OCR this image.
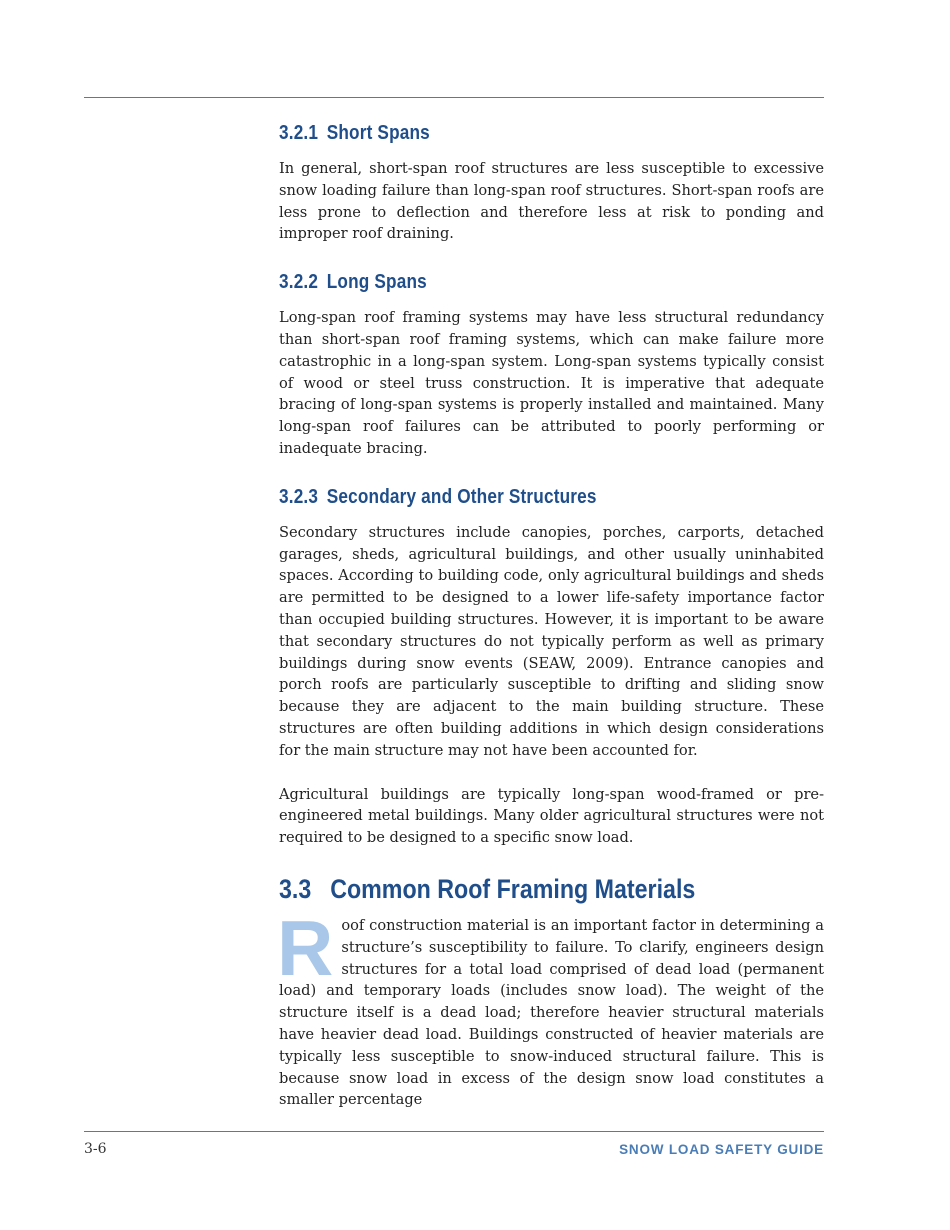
3.2.1 Short Spans

In general, short-span roof structures are less susceptible to excessive snow loading failure than long-span roof structures. Short-span roofs are less prone to deflection and therefore less at risk to ponding and improper roof draining.

3.2.2 Long Spans

Long-span roof framing systems may have less structural redundancy than short-span roof framing systems, which can make failure more catastrophic in a long-span system. Long-span systems typically consist of wood or steel truss construction. It is imperative that adequate bracing of long-span systems is properly installed and maintained. Many long-span roof failures can be attributed to poorly performing or inadequate bracing.

3.2.3 Secondary and Other Structures

Secondary structures include canopies, porches, carports, detached garages, sheds, agricultural buildings, and other usually uninhabited spaces. According to building code, only agricultural buildings and sheds are permitted to be designed to a lower life-safety importance factor than occupied building structures. However, it is important to be aware that secondary structures do not typically perform as well as primary buildings during snow events (SEAW, 2009). Entrance canopies and porch roofs are particularly susceptible to drifting and sliding snow because they are adjacent to the main building structure. These structures are often building additions in which design considerations for the main structure may not have been accounted for.

Agricultural buildings are typically long-span wood-framed or pre-engineered metal buildings. Many older agricultural structures were not required to be designed to a specific snow load.

3.3 Common Roof Framing Materials

Roof construction material is an important factor in determining a structure’s susceptibility to failure. To clarify, engineers design structures for a total load comprised of dead load (permanent load) and temporary loads (includes snow load). The weight of the structure itself is a dead load; therefore heavier structural materials have heavier dead load. Buildings constructed of heavier materials are typically less susceptible to snow-induced structural failure. This is because snow load in excess of the design snow load constitutes a smaller percentage

3-6	SNOW LOAD SAFETY GUIDE
